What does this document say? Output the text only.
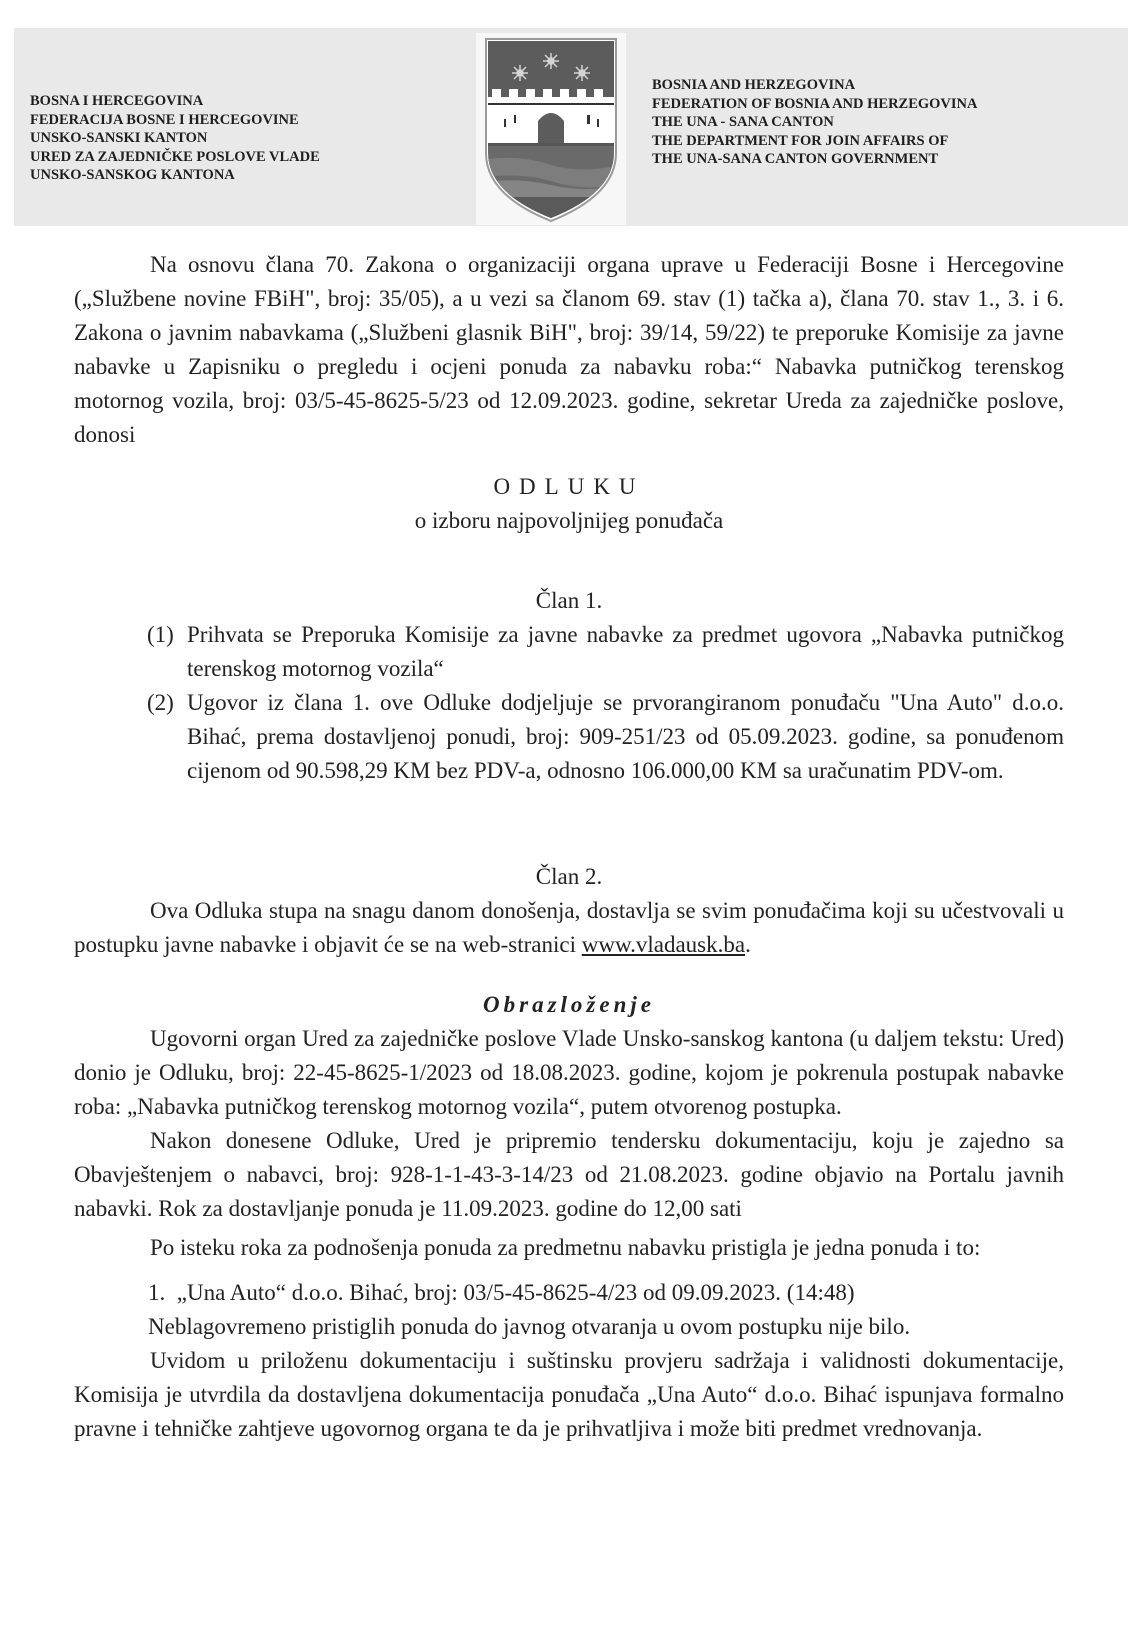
BOSNA I HERCEGOVINA
FEDERACIJA BOSNE I HERCEGOVINE
UNSKO-SANSKI KANTON
URED ZA ZAJEDNIČKE POSLOVE VLADE
UNSKO-SANSKOG KANTONA
BOSNIA AND HERZEGOVINA
FEDERATION OF BOSNIA AND HERZEGOVINA
THE UNA - SANA CANTON
THE DEPARTMENT FOR JOIN AFFAIRS OF
THE UNA-SANA CANTON GOVERNMENT

Na osnovu člana 70. Zakona o organizaciji organa uprave u Federaciji Bosne i Hercegovine („Službene novine FBiH", broj: 35/05), a u vezi sa članom 69. stav (1) tačka a), člana 70. stav 1., 3. i 6. Zakona o javnim nabavkama („Službeni glasnik BiH", broj: 39/14, 59/22) te preporuke Komisije za javne nabavke u Zapisniku o pregledu i ocjeni ponuda za nabavku roba:“ Nabavka putničkog terenskog motornog vozila, broj: 03/5-45-8625-5/23 od 12.09.2023. godine, sekretar Ureda za zajedničke poslove, donosi

ODLUKU
o izboru najpovoljnijeg ponuđača

Član 1.

(1) Prihvata se Preporuka Komisije za javne nabavke za predmet ugovora „Nabavka putničkog terenskog motornog vozila“
(2) Ugovor iz člana 1. ove Odluke dodjeljuje se prvorangiranom ponuđaču "Una Auto" d.o.o. Bihać, prema dostavljenoj ponudi, broj: 909-251/23 od 05.09.2023. godine, sa ponuđenom cijenom od 90.598,29 KM bez PDV-a, odnosno 106.000,00 KM sa uračunatim PDV-om.

Član 2.

Ova Odluka stupa na snagu danom donošenja, dostavlja se svim ponuđačima koji su učestvovali u postupku javne nabavke i objavit će se na web-stranici www.vladausk.ba.

Obrazloženje

Ugovorni organ Ured za zajedničke poslove Vlade Unsko-sanskog kantona (u daljem tekstu: Ured) donio je Odluku, broj: 22-45-8625-1/2023 od 18.08.2023. godine, kojom je pokrenula postupak nabavke roba: „Nabavka putničkog terenskog motornog vozila“, putem otvorenog postupka.

Nakon donesene Odluke, Ured je pripremio tendersku dokumentaciju, koju je zajedno sa Obavještenjem o nabavci, broj: 928-1-1-43-3-14/23 od 21.08.2023. godine objavio na Portalu javnih nabavki. Rok za dostavljanje ponuda je 11.09.2023. godine do 12,00 sati

Po isteku roka za podnošenja ponuda za predmetnu nabavku pristigla je jedna ponuda i to:

1. „Una Auto“ d.o.o. Bihać, broj: 03/5-45-8625-4/23 od 09.09.2023. (14:48)
Neblagovremeno pristiglih ponuda do javnog otvaranja u ovom postupku nije bilo.

Uvidom u priloženu dokumentaciju i suštinsku provjeru sadržaja i validnosti dokumentacije, Komisija je utvrdila da dostavljena dokumentacija ponuđača „Una Auto“ d.o.o. Bihać ispunjava formalno pravne i tehničke zahtjeve ugovornog organa te da je prihvatljiva i može biti predmet vrednovanja.
